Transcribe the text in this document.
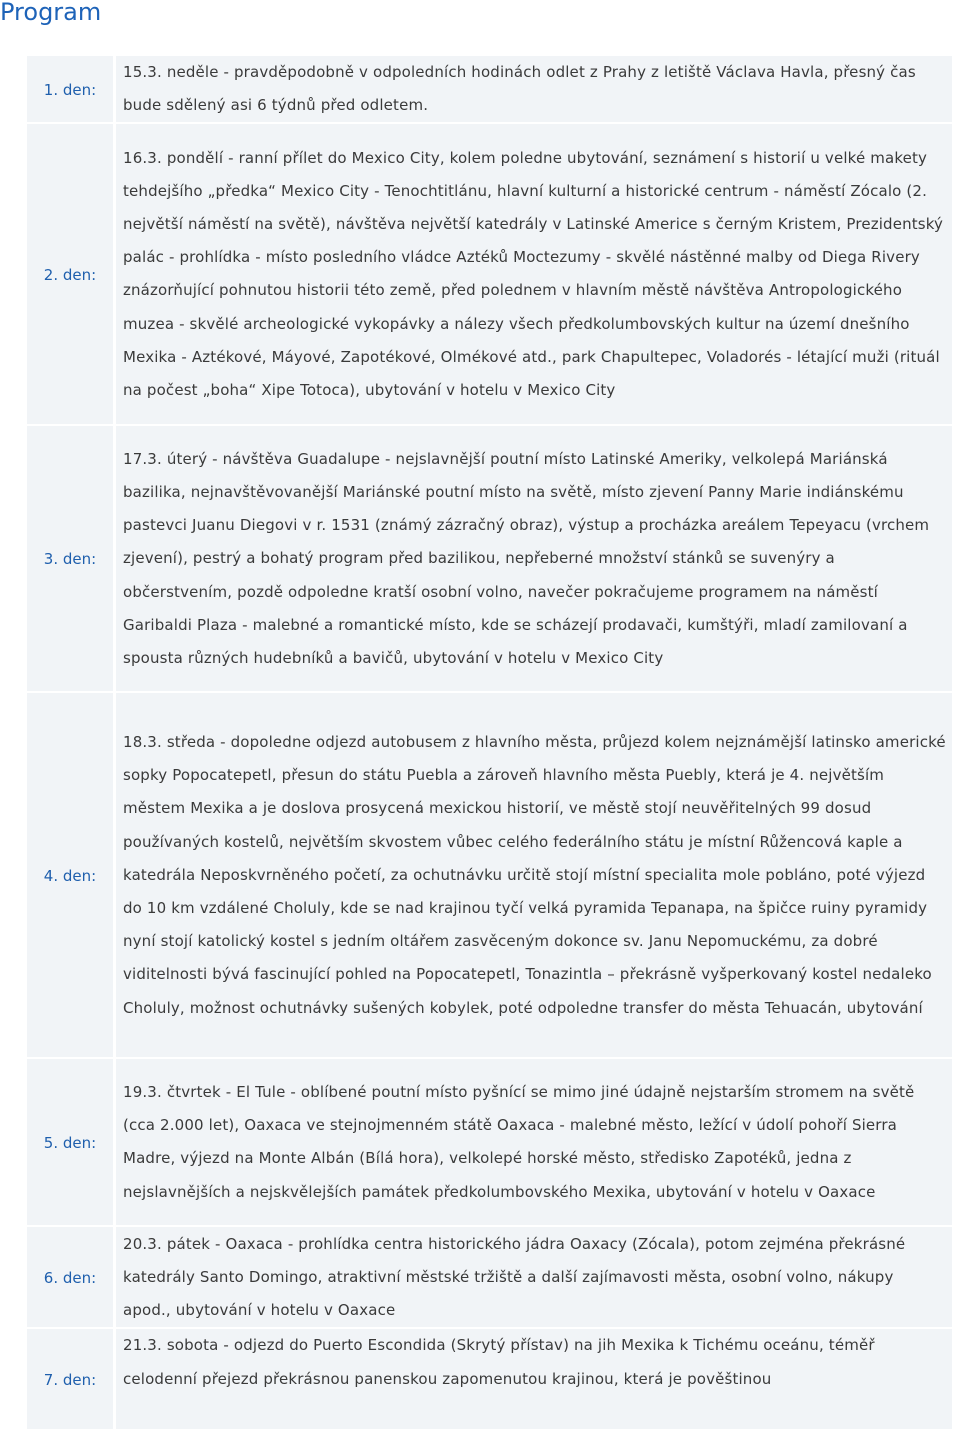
Program
1. den:	15.3. neděle - pravděpodobně v odpoledních hodinách odlet z Prahy z letiště Václava Havla, přesný čas bude sdělený asi 6 týdnů před odletem.
2. den:	16.3. pondělí - ranní přílet do Mexico City, kolem poledne ubytování, seznámení s historií u velké makety tehdejšího „předka“ Mexico City - Tenochtitlánu, hlavní kulturní a historické centrum - náměstí Zócalo (2. největší náměstí na světě), návštěva největší katedrály v Latinské Americe s černým Kristem, Prezidentský palác - prohlídka - místo posledního vládce Aztéků Moctezumy - skvělé nástěnné malby od Diega Rivery znázorňující pohnutou historii této země, před polednem v hlavním městě návštěva Antropologického muzea - skvělé archeologické vykopávky a nálezy všech předkolumbovských kultur na území dnešního Mexika - Aztékové, Máyové, Zapotékové, Olmékové atd., park Chapultepec, Voladorés - létající muži (rituál na počest „boha“ Xipe Totoca), ubytování v hotelu v Mexico City
3. den:	17.3. úterý - návštěva Guadalupe - nejslavnější poutní místo Latinské Ameriky, velkolepá Mariánská bazilika, nejnavštěvovanější Mariánské poutní místo na světě, místo zjevení Panny Marie indiánskému pastevci Juanu Diegovi v r. 1531 (známý zázračný obraz), výstup a procházka areálem Tepeyacu (vrchem zjevení), pestrý a bohatý program před bazilikou, nepřeberné množství stánků se suvenýry a občerstvením, pozdě odpoledne kratší osobní volno, navečer pokračujeme programem na náměstí Garibaldi Plaza - malebné a romantické místo, kde se scházejí prodavači, kumštýři, mladí zamilovaní a spousta různých hudebníků a bavičů, ubytování v hotelu v Mexico City
4. den:	18.3. středa - dopoledne odjezd autobusem z hlavního města, průjezd kolem nejznámější latinsko americké sopky Popocatepetl, přesun do státu Puebla a zároveň hlavního města Puebly, která je 4. největším městem Mexika a je doslova prosycená mexickou historií, ve městě stojí neuvěřitelných 99 dosud používaných kostelů, největším skvostem vůbec celého federálního státu je místní Růžencová kaple a katedrála Neposkvrněného početí, za ochutnávku určitě stojí místní specialita mole pobláno, poté výjezd do 10 km vzdálené Choluly, kde se nad krajinou tyčí velká pyramida Tepanapa, na špičce ruiny pyramidy nyní stojí katolický kostel s jedním oltářem zasvěceným dokonce sv. Janu Nepomuckému, za dobré viditelnosti bývá fascinující pohled na Popocatepetl, Tonazintla – překrásně vyšperkovaný kostel nedaleko Choluly, možnost ochutnávky sušených kobylek, poté odpoledne transfer do města Tehuacán, ubytování
5. den:	19.3. čtvrtek - El Tule - oblíbené poutní místo pyšnící se mimo jiné údajně nejstarším stromem na světě (cca 2.000 let), Oaxaca ve stejnojmenném státě Oaxaca - malebné město, ležící v údolí pohoří Sierra Madre, výjezd na Monte Albán (Bílá hora), velkolepé horské město, středisko Zapotéků, jedna z nejslavnějších a nejskvělejších památek předkolumbovského Mexika, ubytování v hotelu v Oaxace
6. den:	20.3. pátek - Oaxaca - prohlídka centra historického jádra Oaxacy (Zócala), potom zejména překrásné katedrály Santo Domingo, atraktivní městské tržiště a další zajímavosti města, osobní volno, nákupy apod., ubytování v hotelu v Oaxace
7. den:	21.3. sobota - odjezd do Puerto Escondida (Skrytý přístav) na jih Mexika k Tichému oceánu, téměř celodenní přejezd překrásnou panenskou zapomenutou krajinou, která je pověštinou
